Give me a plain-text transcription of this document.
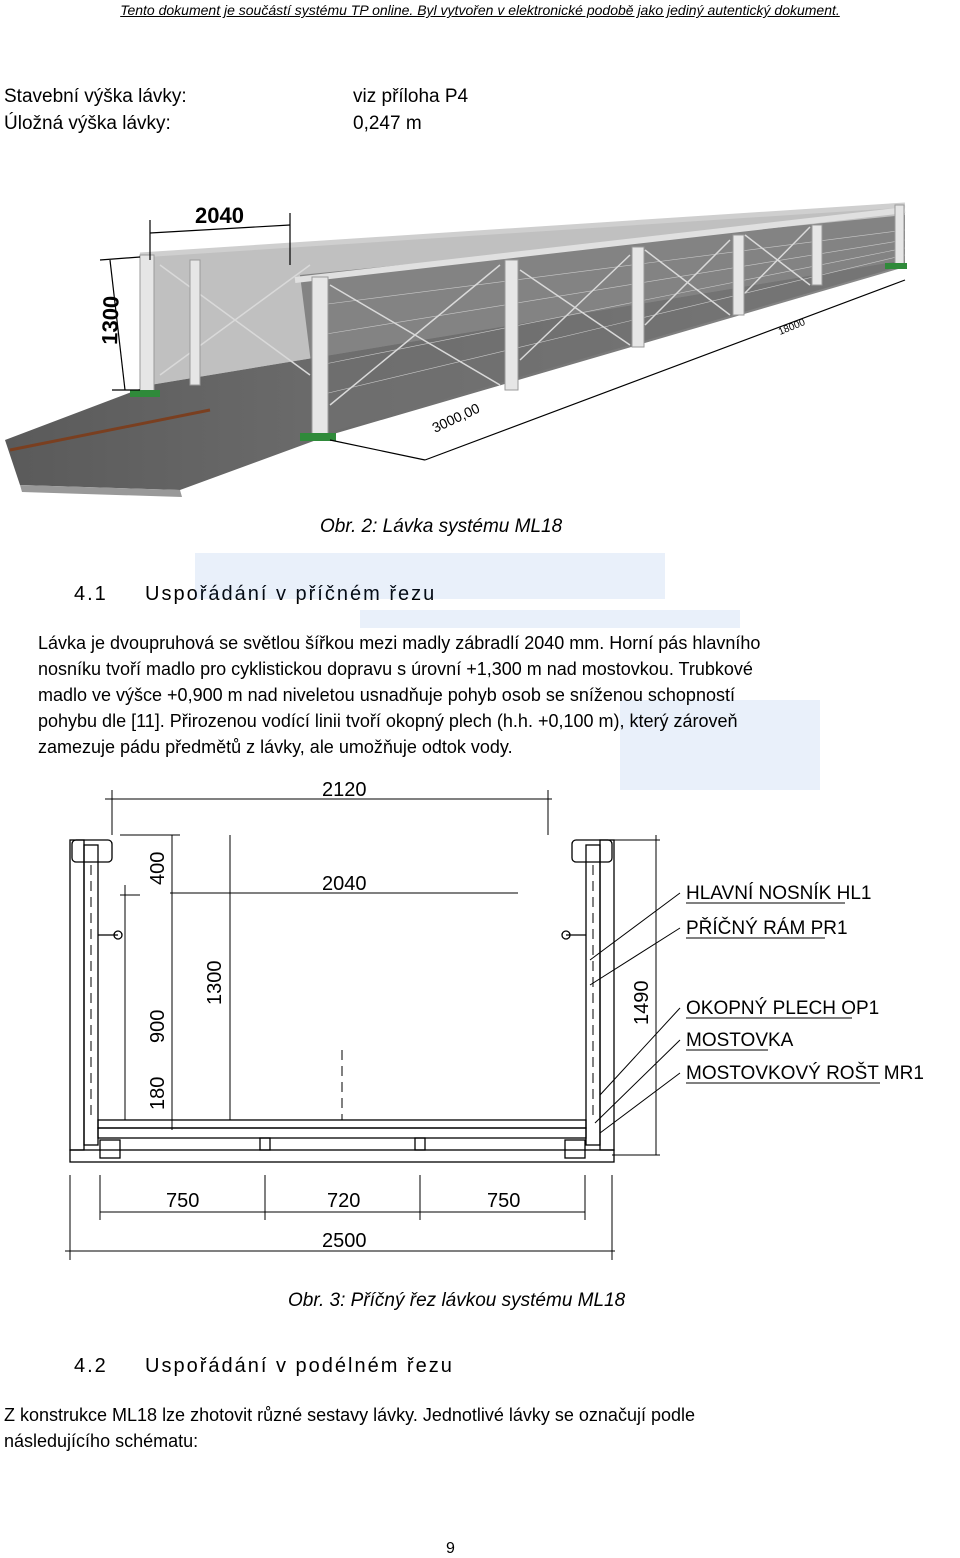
Tento dokument je součástí systému TP online. Byl vytvořen v elektronické podobě jako jediný autentický dokument.
Stavební výška lávky:	viz příloha P4
Úložná výška lávky:	0,247 m
2040
1300
3000,00
18000
Obr. 2: Lávka systému ML18
4.1 Uspořádání v příčném řezu
Lávka je dvoupruhová se světlou šířkou mezi madly zábradlí 2040 mm. Horní pás hlavního
nosníku tvoří madlo pro cyklistickou dopravu s úrovní +1,300 m nad mostovkou. Trubkové
madlo ve výšce +0,900 m nad niveletou usnadňuje pohyb osob se sníženou schopností
pohybu dle [11]. Přirozenou vodící linii tvoří okopný plech (h.h. +0,100 m), který zároveň
zamezuje pádu předmětů z lávky, ale umožňuje odtok vody.
2120
2040
400
1300
900
180
1490
750	720	750
2500
HLAVNÍ NOSNÍK HL1
PŘÍČNÝ RÁM PR1
OKOPNÝ PLECH OP1
MOSTOVKA
MOSTOVKOVÝ ROŠT MR1
Obr. 3: Příčný řez lávkou systému ML18
4.2 Uspořádání v podélném řezu
Z konstrukce ML18 lze zhotovit různé sestavy lávky. Jednotlivé lávky se označují podle
následujícího schématu:
9
